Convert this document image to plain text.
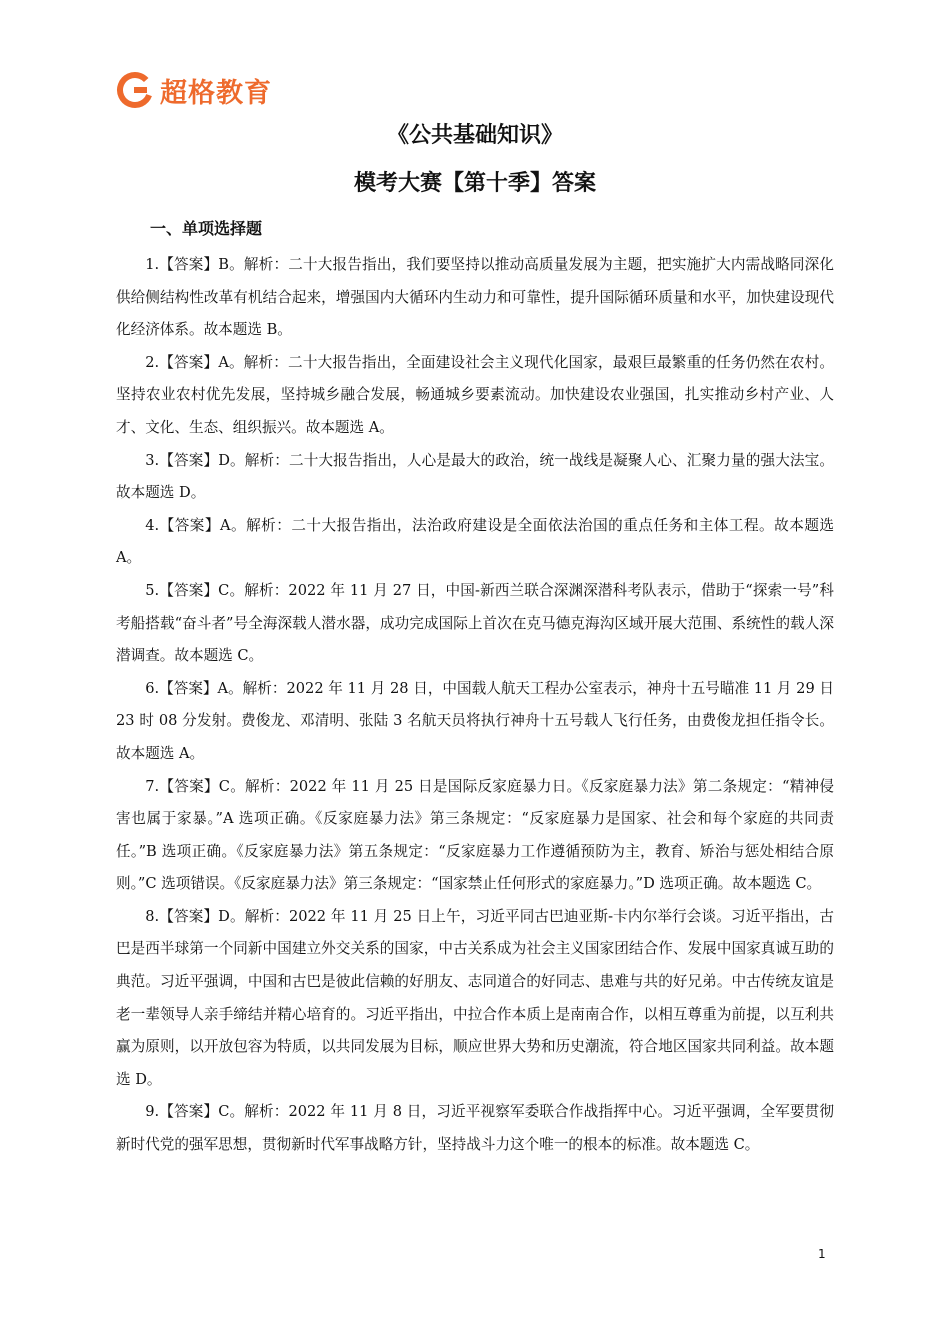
超格教育
《公共基础知识》
模考大赛【第十季】答案
一、单项选择题

1.【答案】B。解析：二十大报告指出，我们要坚持以推动高质量发展为主题，把实施扩大内需战略同深化供给侧结构性改革有机结合起来，增强国内大循环内生动力和可靠性，提升国际循环质量和水平，加快建设现代化经济体系。故本题选 B。

2.【答案】A。解析：二十大报告指出，全面建设社会主义现代化国家，最艰巨最繁重的任务仍然在农村。坚持农业农村优先发展，坚持城乡融合发展，畅通城乡要素流动。加快建设农业强国，扎实推动乡村产业、人才、文化、生态、组织振兴。故本题选 A。

3.【答案】D。解析：二十大报告指出，人心是最大的政治，统一战线是凝聚人心、汇聚力量的强大法宝。故本题选 D。

4.【答案】A。解析：二十大报告指出，法治政府建设是全面依法治国的重点任务和主体工程。故本题选 A。

5.【答案】C。解析：2022 年 11 月 27 日，中国-新西兰联合深渊深潜科考队表示，借助于“探索一号”科考船搭载“奋斗者”号全海深载人潜水器，成功完成国际上首次在克马德克海沟区域开展大范围、系统性的载人深潜调查。故本题选 C。

6.【答案】A。解析：2022 年 11 月 28 日，中国载人航天工程办公室表示，神舟十五号瞄准 11 月 29 日 23 时 08 分发射。费俊龙、邓清明、张陆 3 名航天员将执行神舟十五号载人飞行任务，由费俊龙担任指令长。故本题选 A。

7.【答案】C。解析：2022 年 11 月 25 日是国际反家庭暴力日。《反家庭暴力法》第二条规定：“精神侵害也属于家暴。”A 选项正确。《反家庭暴力法》第三条规定：“反家庭暴力是国家、社会和每个家庭的共同责任。”B 选项正确。《反家庭暴力法》第五条规定：“反家庭暴力工作遵循预防为主，教育、矫治与惩处相结合原则。”C 选项错误。《反家庭暴力法》第三条规定：“国家禁止任何形式的家庭暴力。”D 选项正确。故本题选 C。

8.【答案】D。解析：2022 年 11 月 25 日上午，习近平同古巴迪亚斯-卡内尔举行会谈。习近平指出，古巴是西半球第一个同新中国建立外交关系的国家，中古关系成为社会主义国家团结合作、发展中国家真诚互助的典范。习近平强调，中国和古巴是彼此信赖的好朋友、志同道合的好同志、患难与共的好兄弟。中古传统友谊是老一辈领导人亲手缔结并精心培育的。习近平指出，中拉合作本质上是南南合作，以相互尊重为前提，以互利共赢为原则，以开放包容为特质，以共同发展为目标，顺应世界大势和历史潮流，符合地区国家共同利益。故本题选 D。

9.【答案】C。解析：2022 年 11 月 8 日，习近平视察军委联合作战指挥中心。习近平强调，全军要贯彻新时代党的强军思想，贯彻新时代军事战略方针，坚持战斗力这个唯一的根本的标准。故本题选 C。

1
